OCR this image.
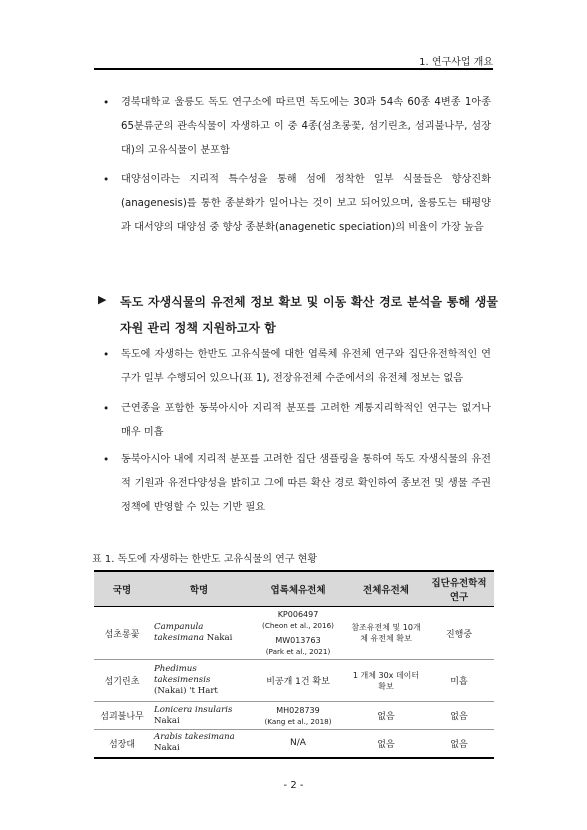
1. 연구사업 개요
• 경북대학교 울릉도 독도 연구소에 따르면 독도에는 30과 54속 60종 4변종 1아종 65분류군의 관속식물이 자생하고 이 중 4종(섬초롱꽃, 섬기린초, 섬괴불나무, 섬장대)의 고유식물이 분포함

• 대양섬이라는 지리적 특수성을 통해 섬에 정착한 일부 식물들은 향상진화(anagenesis)를 통한 종분화가 일어나는 것이 보고 되어있으며, 울릉도는 태평양과 대서양의 대양섬 중 향상 종분화(anagenetic speciation)의 비율이 가장 높음

▶ 독도 자생식물의 유전체 정보 확보 및 이동 확산 경로 분석을 통해 생물자원 관리 정책 지원하고자 함

• 독도에 자생하는 한반도 고유식물에 대한 엽록체 유전체 연구와 집단유전학적인 연구가 일부 수행되어 있으나(표 1), 전장유전체 수준에서의 유전체 정보는 없음

• 근연종을 포함한 동북아시아 지리적 분포를 고려한 계통지리학적인 연구는 없거나 매우 미흡

• 동북아시아 내에 지리적 분포를 고려한 집단 샘플링을 통하여 독도 자생식물의 유전적 기원과 유전다양성을 밝히고 그에 따른 확산 경로 확인하여 종보전 및 생물 주권 정책에 반영할 수 있는 기반 필요

표 1. 독도에 자생하는 한반도 고유식물의 연구 현황
국명	학명	엽록체유전체	전체유전체	집단유전학적 연구
섬초롱꽃	Campanula takesimana Nakai	KP006497
(Cheon et al., 2016)
MW013763
(Park et al., 2021)	참조유전체 및 10개체 유전체 확보	진행중
섬기린초	Phedimus takesimensis
(Nakai) 't Hart	비공개 1건 확보	1 개체 30x 데이터 확보	미흡
섬괴불나무	Lonicera insularis
Nakai	MH028739
(Kang et al., 2018)	없음	없음
섬장대	Arabis takesimana
Nakai	N/A	없음	없음
- 2 -
